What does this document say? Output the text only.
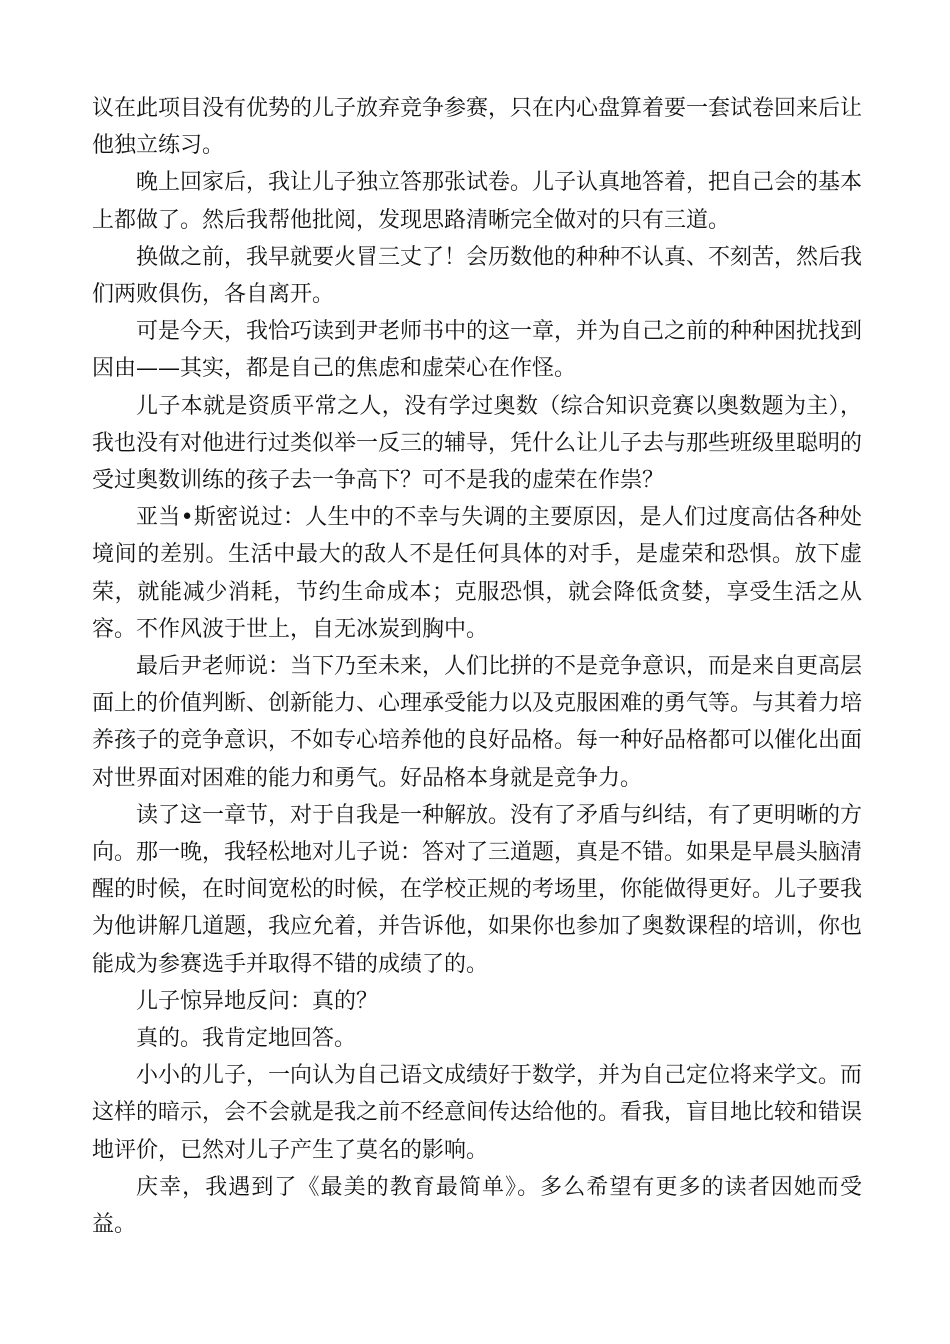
议在此项目没有优势的儿子放弃竞争参赛，只在内心盘算着要一套试卷回来后让他独立练习。

晚上回家后，我让儿子独立答那张试卷。儿子认真地答着，把自己会的基本上都做了。然后我帮他批阅，发现思路清晰完全做对的只有三道。

换做之前，我早就要火冒三丈了！会历数他的种种不认真、不刻苦，然后我们两败俱伤，各自离开。

可是今天，我恰巧读到尹老师书中的这一章，并为自己之前的种种困扰找到因由——其实，都是自己的焦虑和虚荣心在作怪。

儿子本就是资质平常之人，没有学过奥数（综合知识竞赛以奥数题为主），我也没有对他进行过类似举一反三的辅导，凭什么让儿子去与那些班级里聪明的受过奥数训练的孩子去一争高下？可不是我的虚荣在作祟？

亚当•斯密说过：人生中的不幸与失调的主要原因，是人们过度高估各种处境间的差别。生活中最大的敌人不是任何具体的对手，是虚荣和恐惧。放下虚荣，就能减少消耗，节约生命成本；克服恐惧，就会降低贪婪，享受生活之从容。不作风波于世上，自无冰炭到胸中。

最后尹老师说：当下乃至未来，人们比拼的不是竞争意识，而是来自更高层面上的价值判断、创新能力、心理承受能力以及克服困难的勇气等。与其着力培养孩子的竞争意识，不如专心培养他的良好品格。每一种好品格都可以催化出面对世界面对困难的能力和勇气。好品格本身就是竞争力。

读了这一章节，对于自我是一种解放。没有了矛盾与纠结，有了更明晰的方向。那一晚，我轻松地对儿子说：答对了三道题，真是不错。如果是早晨头脑清醒的时候，在时间宽松的时候，在学校正规的考场里，你能做得更好。儿子要我为他讲解几道题，我应允着，并告诉他，如果你也参加了奥数课程的培训，你也能成为参赛选手并取得不错的成绩了的。

儿子惊异地反问：真的？

真的。我肯定地回答。

小小的儿子，一向认为自己语文成绩好于数学，并为自己定位将来学文。而这样的暗示，会不会就是我之前不经意间传达给他的。看我，盲目地比较和错误地评价，已然对儿子产生了莫名的影响。

庆幸，我遇到了《最美的教育最简单》。多么希望有更多的读者因她而受益。
